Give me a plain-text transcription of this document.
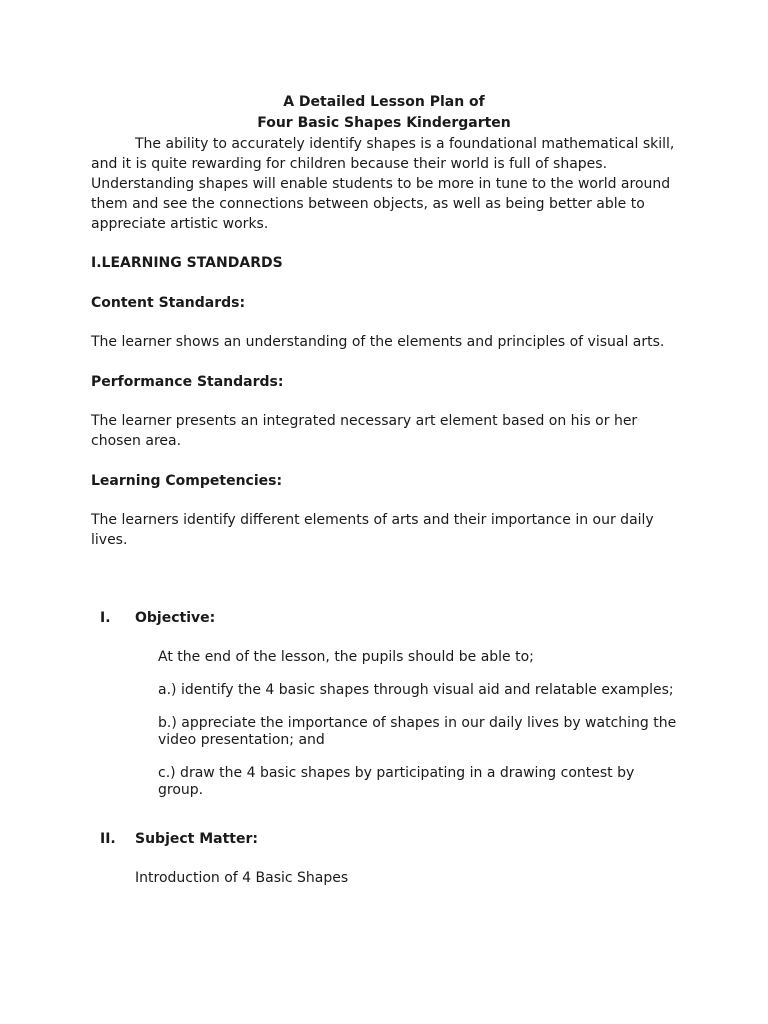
A Detailed Lesson Plan of

Four Basic Shapes Kindergarten

The ability to accurately identify shapes is a foundational mathematical skill, and it is quite rewarding for children because their world is full of shapes. Understanding shapes will enable students to be more in tune to the world around them and see the connections between objects, as well as being better able to appreciate artistic works.

I.LEARNING STANDARDS

Content Standards:

The learner shows an understanding of the elements and principles of visual arts.

Performance Standards:

The learner presents an integrated necessary art element based on his or her chosen area.

Learning Competencies:

The learners identify different elements of arts and their importance in our daily lives.

I. Objective:

At the end of the lesson, the pupils should be able to;

a.) identify the 4 basic shapes through visual aid and relatable examples;

b.) appreciate the importance of shapes in our daily lives by watching the video presentation; and

c.) draw the 4 basic shapes by participating in a drawing contest by group.

II. Subject Matter:

Introduction of 4 Basic Shapes
